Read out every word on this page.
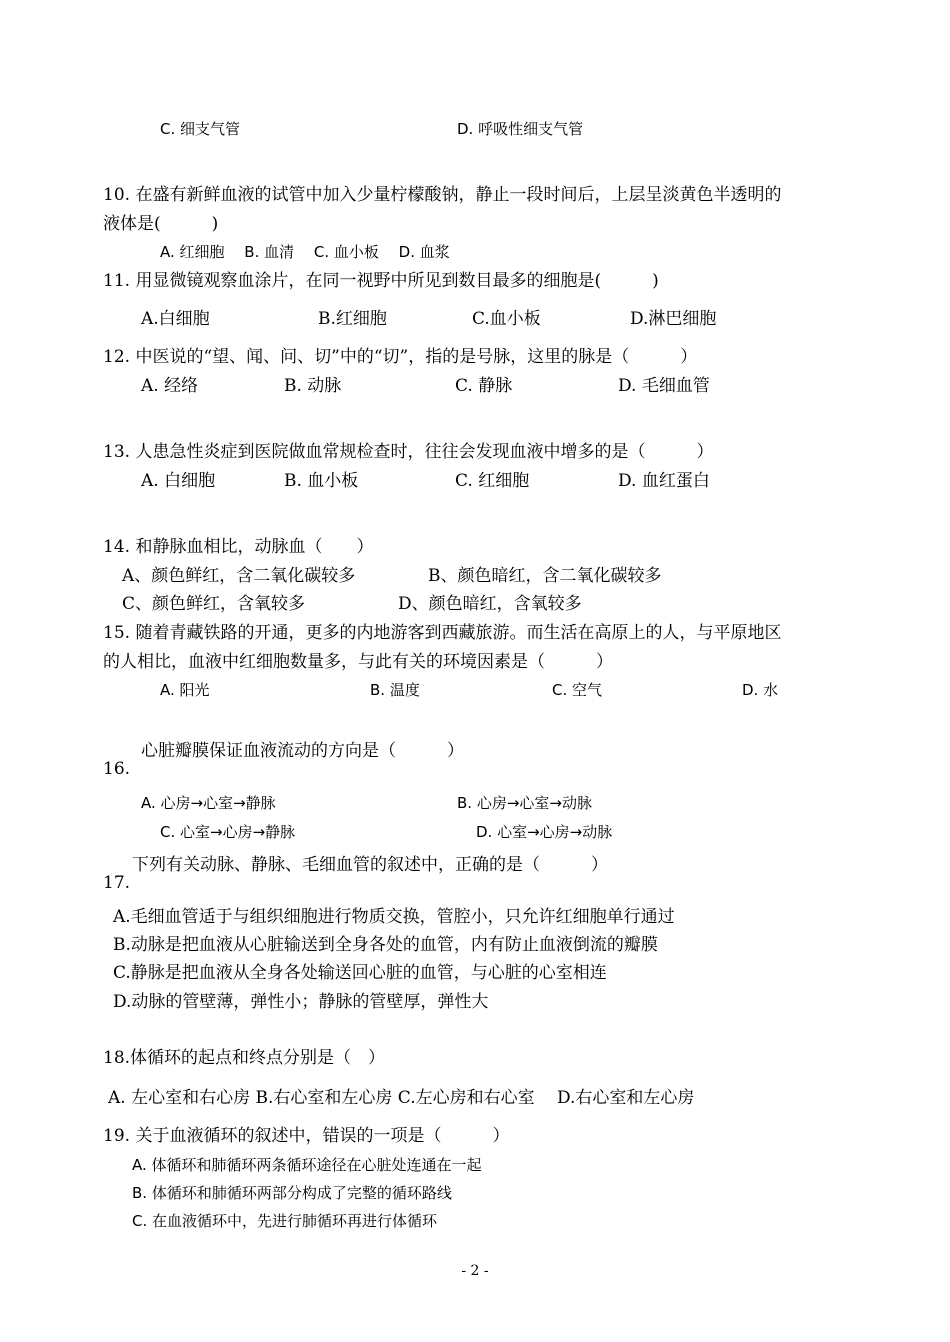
C. 细支气管	D. 呼吸性细支气管
10. 在盛有新鲜血液的试管中加入少量柠檬酸钠，静止一段时间后，上层呈淡黄色半透明的
液体是(　　　)
A. 红细胞　 B. 血清　 C. 血小板　 D. 血浆
11. 用显微镜观察血涂片，在同一视野中所见到数目最多的细胞是(　　　)
A.白细胞	B.红细胞	C.血小板	D.淋巴细胞
12. 中医说的“望、闻、问、切”中的“切”，指的是号脉，这里的脉是（　　　）
A. 经络	B. 动脉	C. 静脉	D. 毛细血管
13. 人患急性炎症到医院做血常规检查时，往往会发现血液中增多的是（　　　）
A. 白细胞	B. 血小板	C. 红细胞	D. 血红蛋白
14. 和静脉血相比，动脉血（　　）
A、颜色鲜红，含二氧化碳较多	B、颜色暗红，含二氧化碳较多
C、颜色鲜红，含氧较多	D、颜色暗红，含氧较多
15. 随着青藏铁路的开通，更多的内地游客到西藏旅游。而生活在高原上的人，与平原地区
的人相比，血液中红细胞数量多，与此有关的环境因素是（　　　）
A. 阳光	B. 温度	C. 空气	D. 水
心脏瓣膜保证血液流动的方向是（　　　）
16.
A. 心房→心室→静脉	B. 心房→心室→动脉
C. 心室→心房→静脉	D. 心室→心房→动脉
下列有关动脉、静脉、毛细血管的叙述中，正确的是（　　　）
17.
A.毛细血管适于与组织细胞进行物质交换，管腔小，只允许红细胞单行通过
B.动脉是把血液从心脏输送到全身各处的血管，内有防止血液倒流的瓣膜
C.静脉是把血液从全身各处输送回心脏的血管，与心脏的心室相连
D.动脉的管壁薄，弹性小；静脉的管壁厚，弹性大
18.体循环的起点和终点分别是（　）
A. 左心室和右心房 B.右心室和左心房 C.左心房和右心室　 D.右心室和左心房
19. 关于血液循环的叙述中，错误的一项是（　　　）
A. 体循环和肺循环两条循环途径在心脏处连通在一起
B. 体循环和肺循环两部分构成了完整的循环路线
C. 在血液循环中，先进行肺循环再进行体循环
- 2 -
